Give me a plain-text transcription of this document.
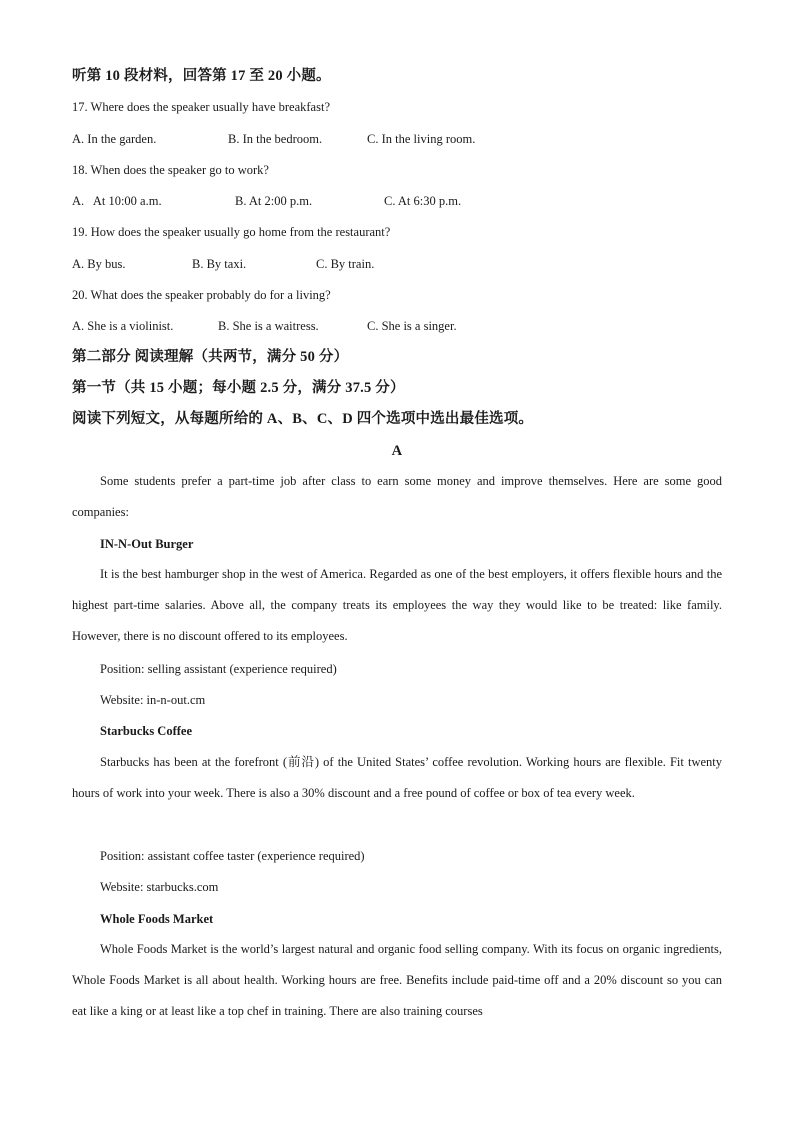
听第 10 段材料，回答第 17 至 20 小题。
17. Where does the speaker usually have breakfast?
A. In the garden.	B. In the bedroom.	C. In the living room.
18. When does the speaker go to work?
A.   At 10:00 a.m.	B. At 2:00 p.m.	C. At 6:30 p.m.
19. How does the speaker usually go home from the restaurant?
A. By bus.	B. By taxi.	C. By train.
20. What does the speaker probably do for a living?
A. She is a violinist.	B. She is a waitress.	C. She is a singer.
第二部分 阅读理解（共两节，满分 50 分）
第一节（共 15 小题；每小题 2.5 分，满分 37.5 分）
阅读下列短文，从每题所给的 A、B、C、D 四个选项中选出最佳选项。
A
Some students prefer a part-time job after class to earn some money and improve themselves. Here are some good companies:
IN-N-Out Burger
It is the best hamburger shop in the west of America. Regarded as one of the best employers, it offers flexible hours and the highest part-time salaries. Above all, the company treats its employees the way they would like to be treated: like family. However, there is no discount offered to its employees.
Position: selling assistant (experience required)
Website: in-n-out.cm
Starbucks Coffee
Starbucks has been at the forefront (前沿) of the United States’ coffee revolution. Working hours are flexible. Fit twenty hours of work into your week. There is also a 30% discount and a free pound of coffee or box of tea every week.
Position: assistant coffee taster (experience required)
Website: starbucks.com
Whole Foods Market
Whole Foods Market is the world’s largest natural and organic food selling company. With its focus on organic ingredients, Whole Foods Market is all about health. Working hours are free. Benefits include paid-time off and a 20% discount so you can eat like a king or at least like a top chef in training. There are also training courses
